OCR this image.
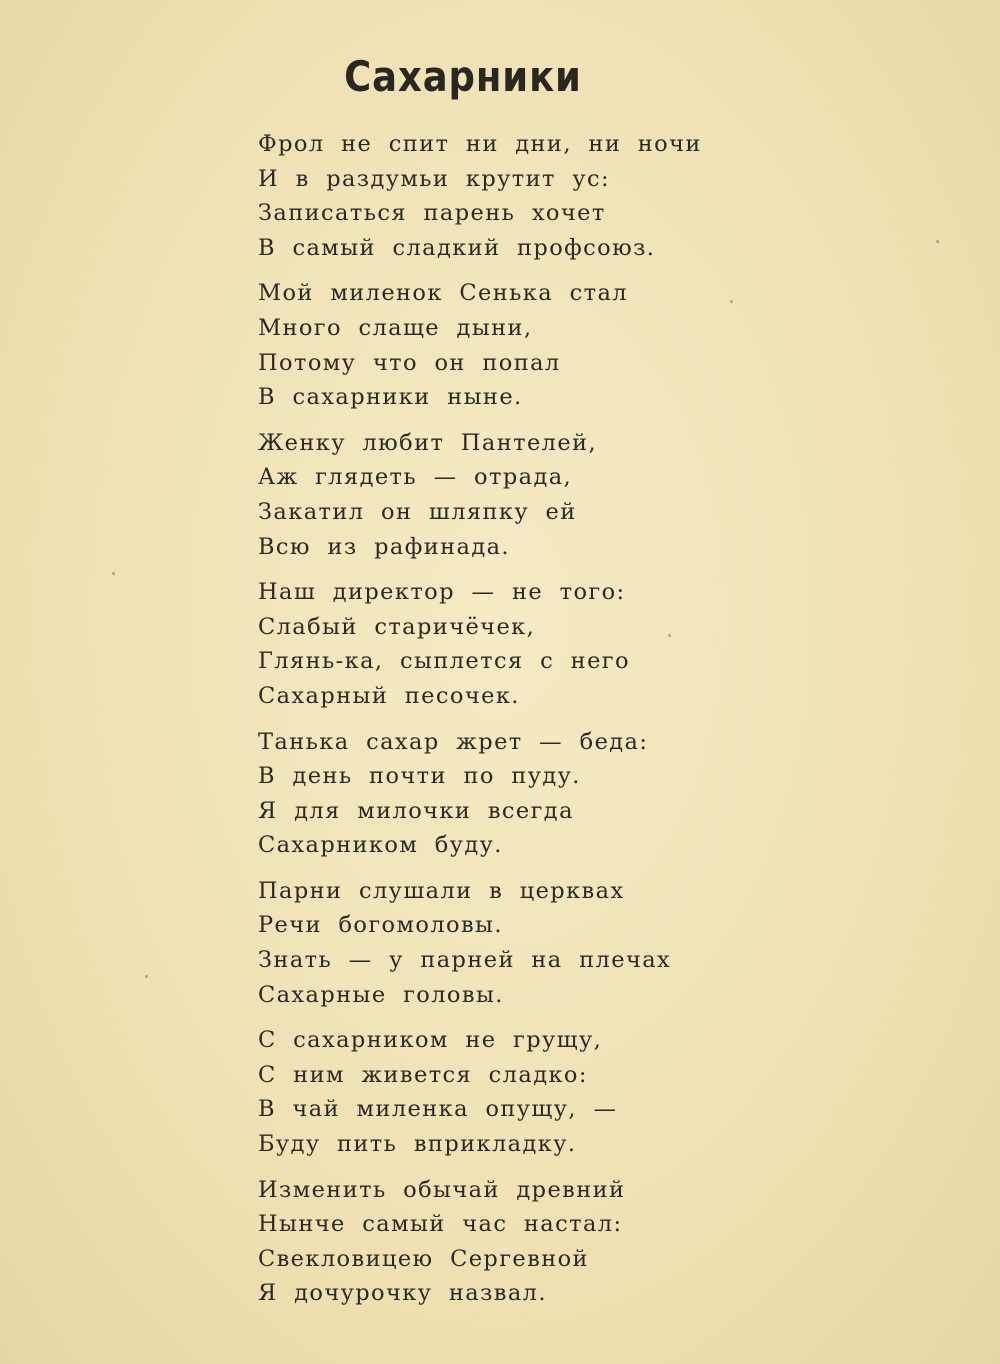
Сахарники
Фрол не спит ни дни, ни ночи
И в раздумьи крутит ус:
Записаться парень хочет
В самый сладкий профсоюз.
Мой миленок Сенька стал
Много слаще дыни,
Потому что он попал
В сахарники ныне.
Женку любит Пантелей,
Аж глядеть — отрада,
Закатил он шляпку ей
Всю из рафинада.
Наш директор — не того:
Слабый старичёчек,
Глянь-ка, сыплется с него
Сахарный песочек.
Танька сахар жрет — беда:
В день почти по пуду.
Я для милочки всегда
Сахарником буду.
Парни слушали в церквах
Речи богомоловы.
Знать — у парней на плечах
Сахарные головы.
С сахарником не грущу,
С ним живется сладко:
В чай миленка опущу, —
Буду пить вприкладку.
Изменить обычай древний
Нынче самый час настал:
Свекловицею Сергевной
Я дочурочку назвал.
